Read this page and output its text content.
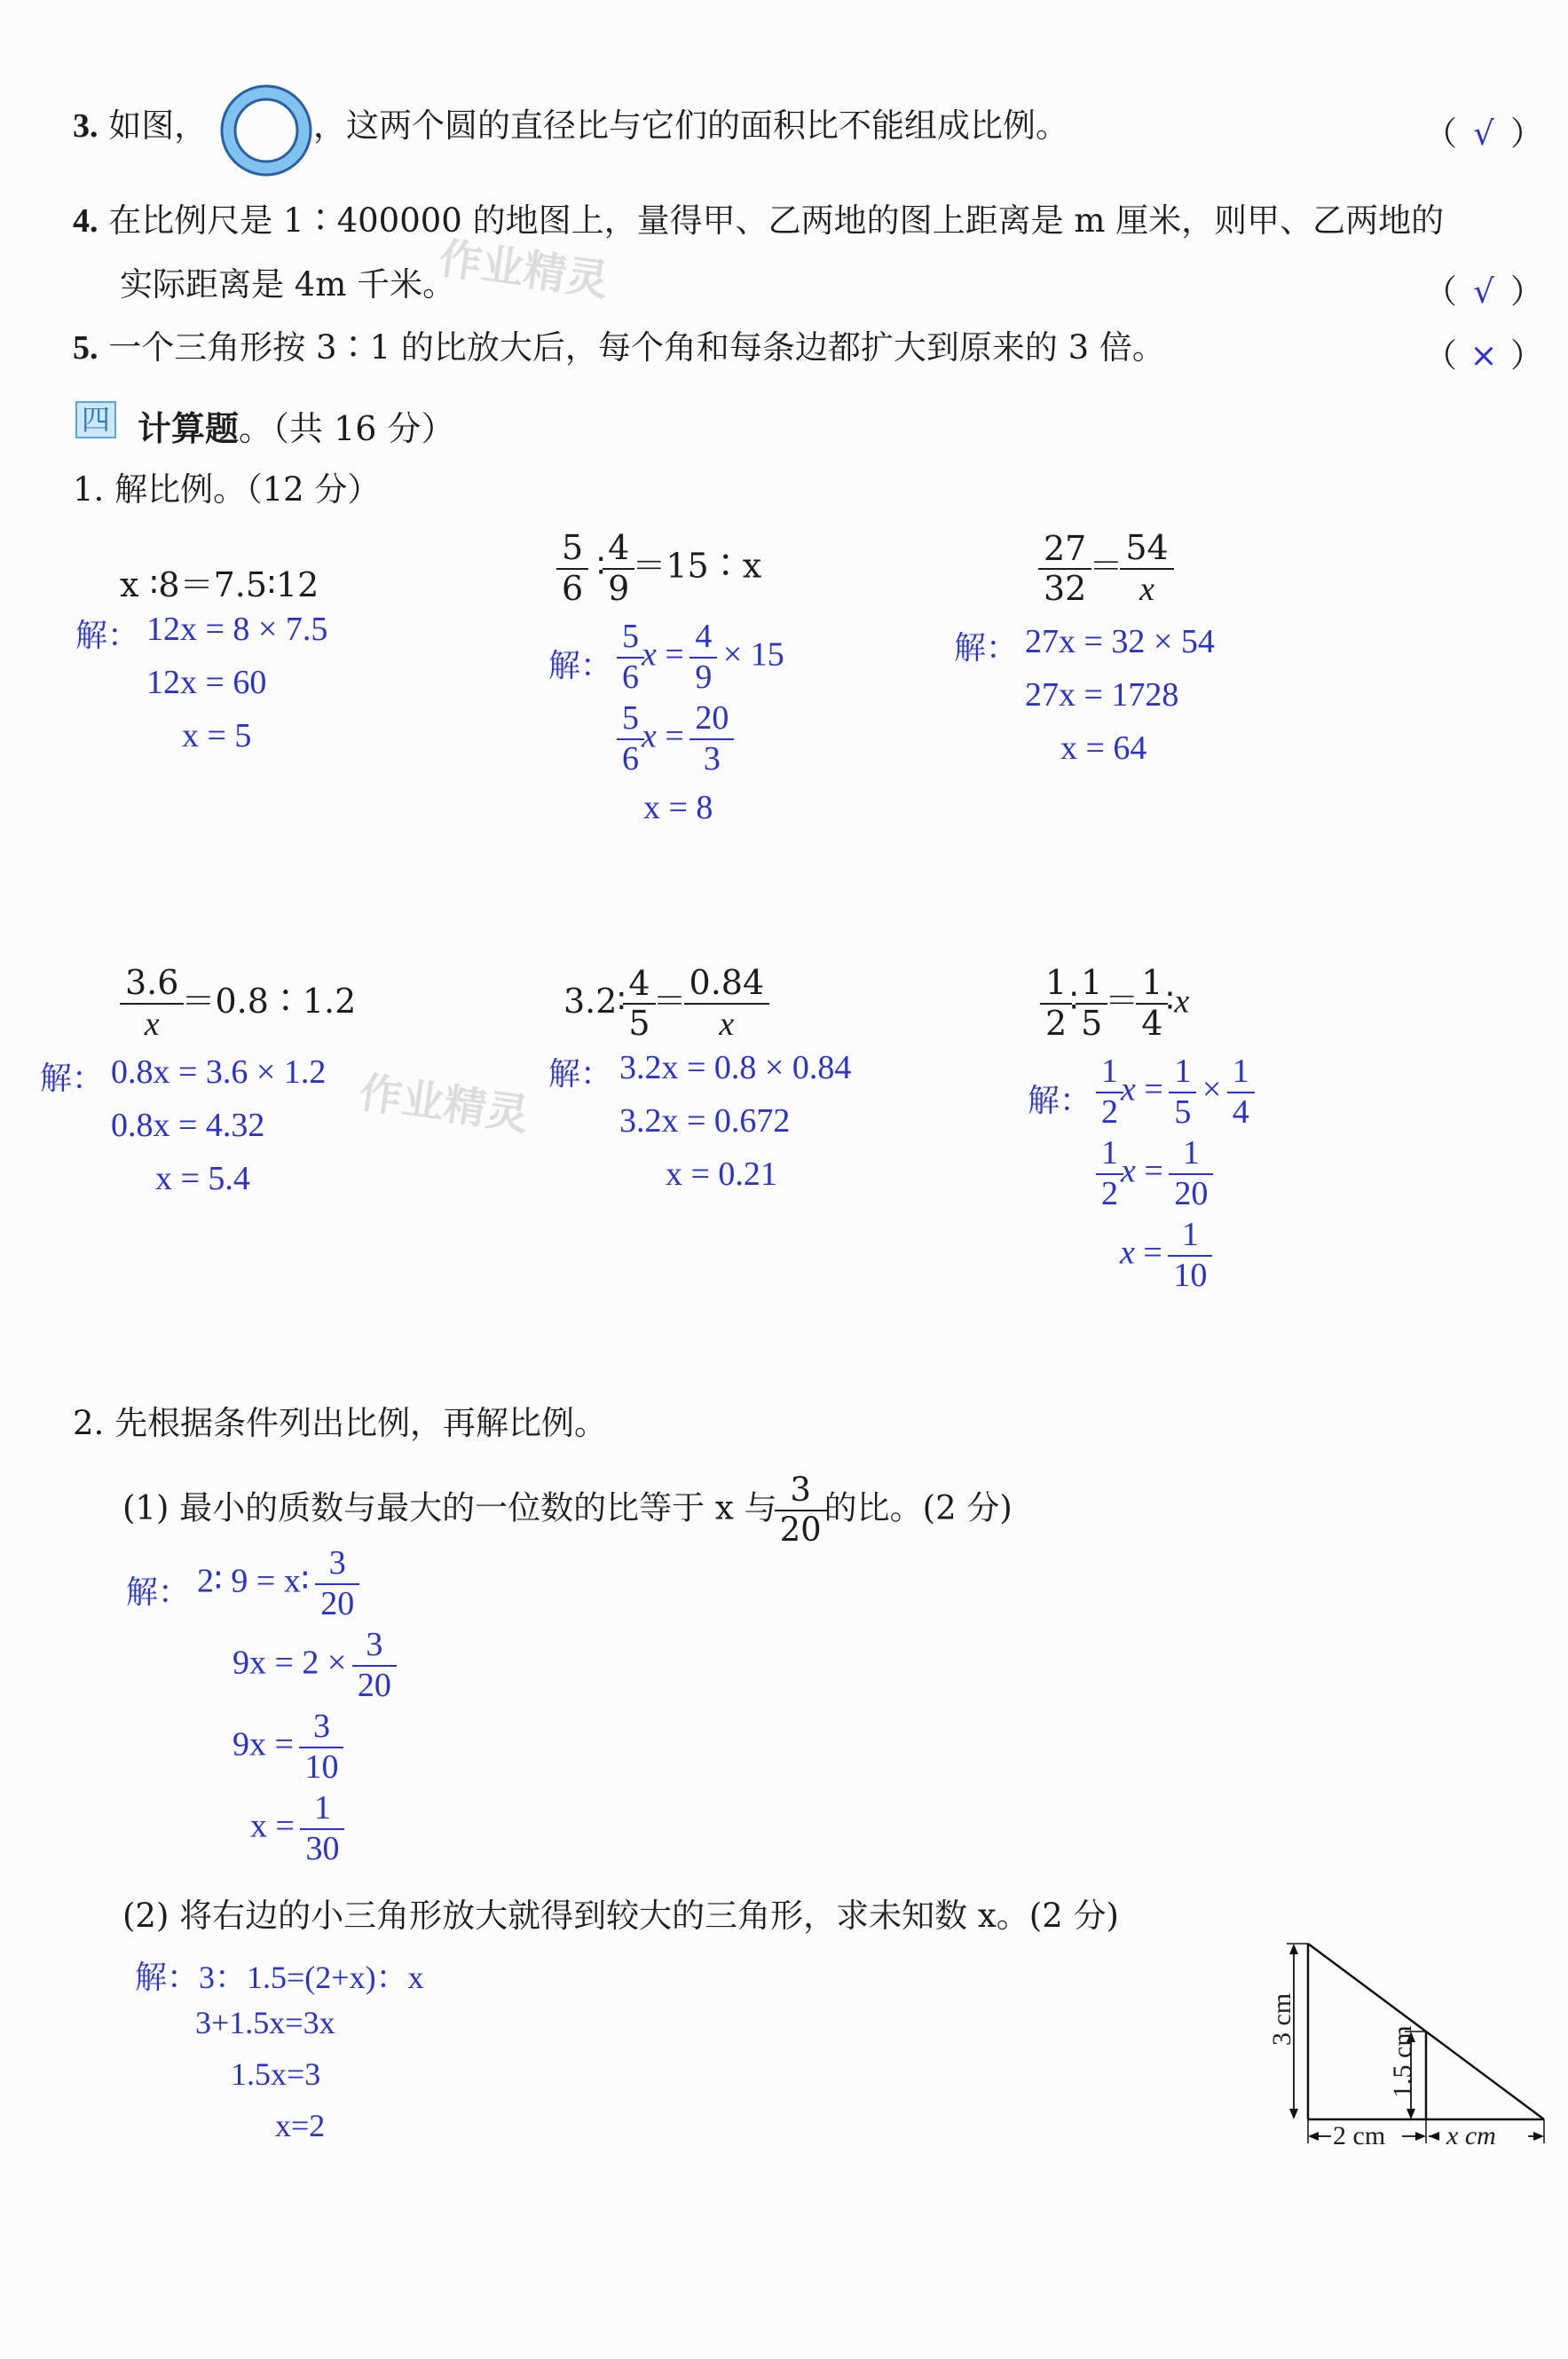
作业精灵
作业精灵
3. 如图，	，这两个圆的直径比与它们的面积比不能组成比例。	（ √ ）
4. 在比例尺是 1∶400000 的地图上，量得甲、乙两地的图上距离是 m 厘米，则甲、乙两地的
实际距离是 4m 千米。	（ √ ）
5. 一个三角形按 3∶1 的比放大后，每个角和每条边都扩大到原来的 3 倍。	（ × ）
四 计算题。（共 16 分）
1. 解比例。（12 分）
x ∶8＝7.5∶12
解： 12x = 8 × 7.5
12x = 60
x = 5
$\frac{5}{6}$ ∶ $\frac{4}{9}$ ＝15∶x
解： $\frac{5}{6}$ $x = \frac{4}{9} \times 15$
$\frac{5}{6}$ $x = \frac{20}{3}$
x = 8
$\frac{27}{32} = \frac{54}{x}$
解： 27x = 32 × 54
27x = 1728
x = 64
$\frac{3.6}{x}$ ＝0.8∶1.2
解： 0.8x = 3.6 × 1.2
0.8x = 4.32
x = 5.4
3.2∶ $\frac{4}{5} = \frac{0.84}{x}$
解： 3.2x = 0.8 × 0.84
3.2x = 0.672
x = 0.21
$\frac{1}{2}$ ∶ $\frac{1}{5} = \frac{1}{4}$ ∶x
解： $\frac{1}{2}$ $x = \frac{1}{5} \times \frac{1}{4}$
$\frac{1}{2}$ $x = \frac{1}{20}$
$x = \frac{1}{10}$
2. 先根据条件列出比例，再解比例。
(1) 最小的质数与最大的一位数的比等于 x 与 $\frac{3}{20}$ 的比。(2 分)
解： 2∶ 9 = x∶ $\frac{3}{20}$
$9x = 2 \times \frac{3}{20}$
$9x = \frac{3}{10}$
$x = \frac{1}{30}$
(2) 将右边的小三角形放大就得到较大的三角形，求未知数 x。(2 分)
解：3：1.5=(2+x)：x
3+1.5x=3x
1.5x=3
x=2
3 cm
1.5 cm
2 cm x cm
